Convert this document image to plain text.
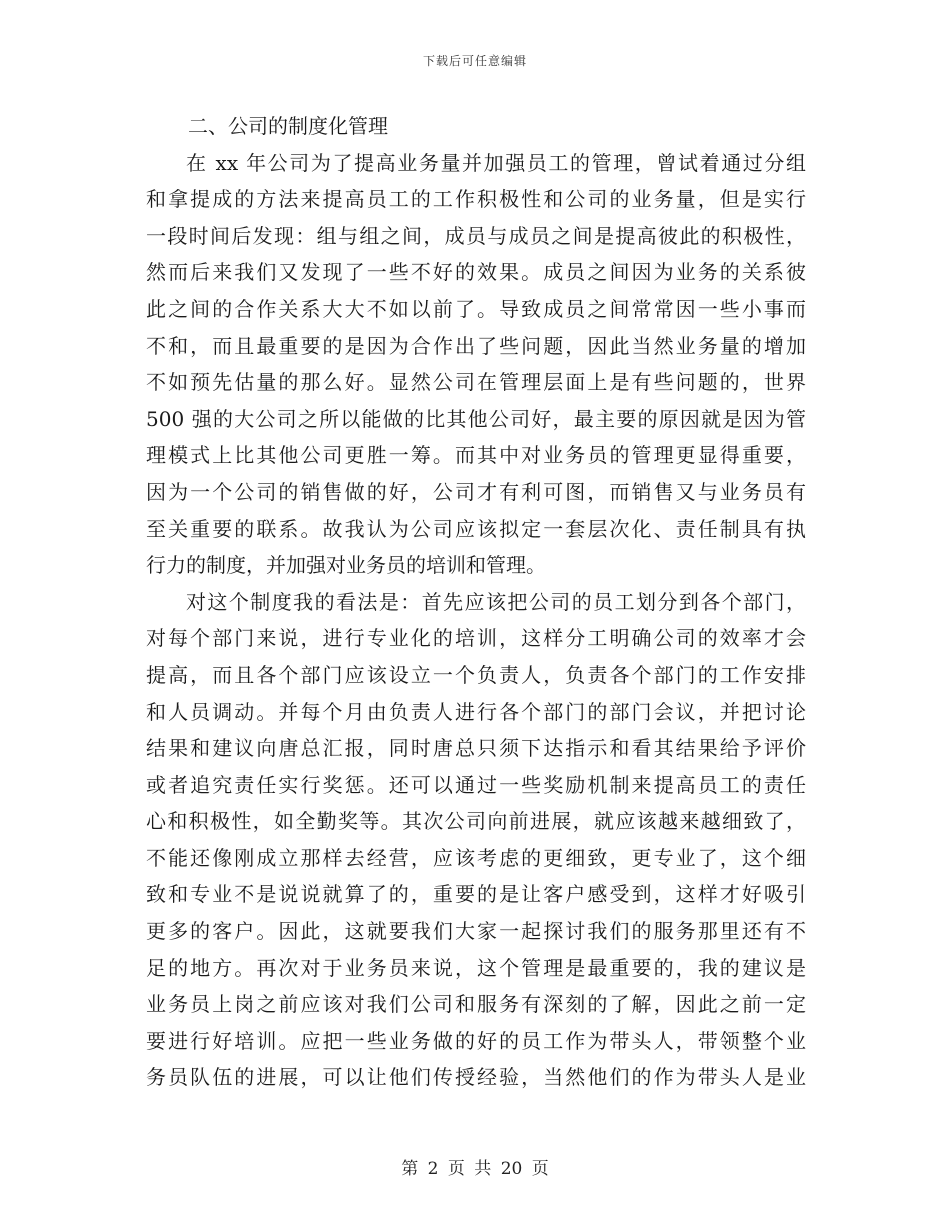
下载后可任意编辑
二、公司的制度化管理
在 xx 年公司为了提高业务量并加强员工的管理，曾试着通过分组
和拿提成的方法来提高员工的工作积极性和公司的业务量，但是实行
一段时间后发现：组与组之间，成员与成员之间是提高彼此的积极性，
然而后来我们又发现了一些不好的效果。成员之间因为业务的关系彼
此之间的合作关系大大不如以前了。导致成员之间常常因一些小事而
不和，而且最重要的是因为合作出了些问题，因此当然业务量的增加
不如预先估量的那么好。显然公司在管理层面上是有些问题的，世界
500 强的大公司之所以能做的比其他公司好，最主要的原因就是因为管
理模式上比其他公司更胜一筹。而其中对业务员的管理更显得重要，
因为一个公司的销售做的好，公司才有利可图，而销售又与业务员有
至关重要的联系。故我认为公司应该拟定一套层次化、责任制具有执
行力的制度，并加强对业务员的培训和管理。
对这个制度我的看法是：首先应该把公司的员工划分到各个部门，
对每个部门来说，进行专业化的培训，这样分工明确公司的效率才会
提高，而且各个部门应该设立一个负责人，负责各个部门的工作安排
和人员调动。并每个月由负责人进行各个部门的部门会议，并把讨论
结果和建议向唐总汇报，同时唐总只须下达指示和看其结果给予评价
或者追究责任实行奖惩。还可以通过一些奖励机制来提高员工的责任
心和积极性，如全勤奖等。其次公司向前进展，就应该越来越细致了，
不能还像刚成立那样去经营，应该考虑的更细致，更专业了，这个细
致和专业不是说说就算了的，重要的是让客户感受到，这样才好吸引
更多的客户。因此，这就要我们大家一起探讨我们的服务那里还有不
足的地方。再次对于业务员来说，这个管理是最重要的，我的建议是
业务员上岗之前应该对我们公司和服务有深刻的了解，因此之前一定
要进行好培训。应把一些业务做的好的员工作为带头人，带领整个业
务员队伍的进展，可以让他们传授经验，当然他们的作为带头人是业
第 2 页 共 20 页
